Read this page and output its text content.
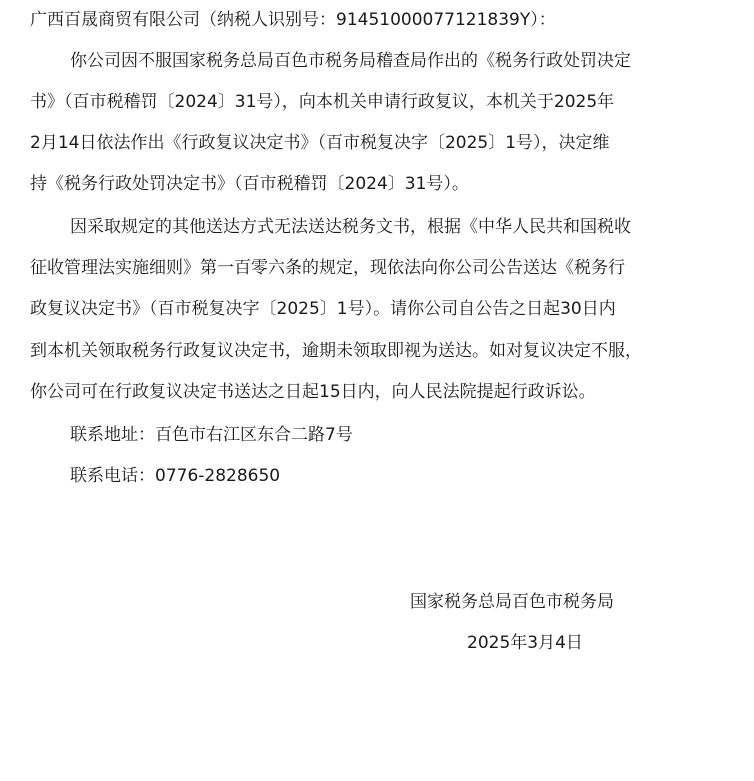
广西百晟商贸有限公司（纳税人识别号：91451000077121839Y）：
你公司因不服国家税务总局百色市税务局稽查局作出的《税务行政处罚决定
书》（百市税稽罚〔2024〕31号），向本机关申请行政复议，本机关于2025年
2月14日依法作出《行政复议决定书》（百市税复决字〔2025〕1号），决定维
持《税务行政处罚决定书》（百市税稽罚〔2024〕31号）。
因采取规定的其他送达方式无法送达税务文书，根据《中华人民共和国税收
征收管理法实施细则》第一百零六条的规定，现依法向你公司公告送达《税务行
政复议决定书》（百市税复决字〔2025〕1号）。请你公司自公告之日起30日内
到本机关领取税务行政复议决定书，逾期未领取即视为送达。如对复议决定不服，
你公司可在行政复议决定书送达之日起15日内，向人民法院提起行政诉讼。
联系地址：百色市右江区东合二路7号
联系电话：0776-2828650
国家税务总局百色市税务局
2025年3月4日
